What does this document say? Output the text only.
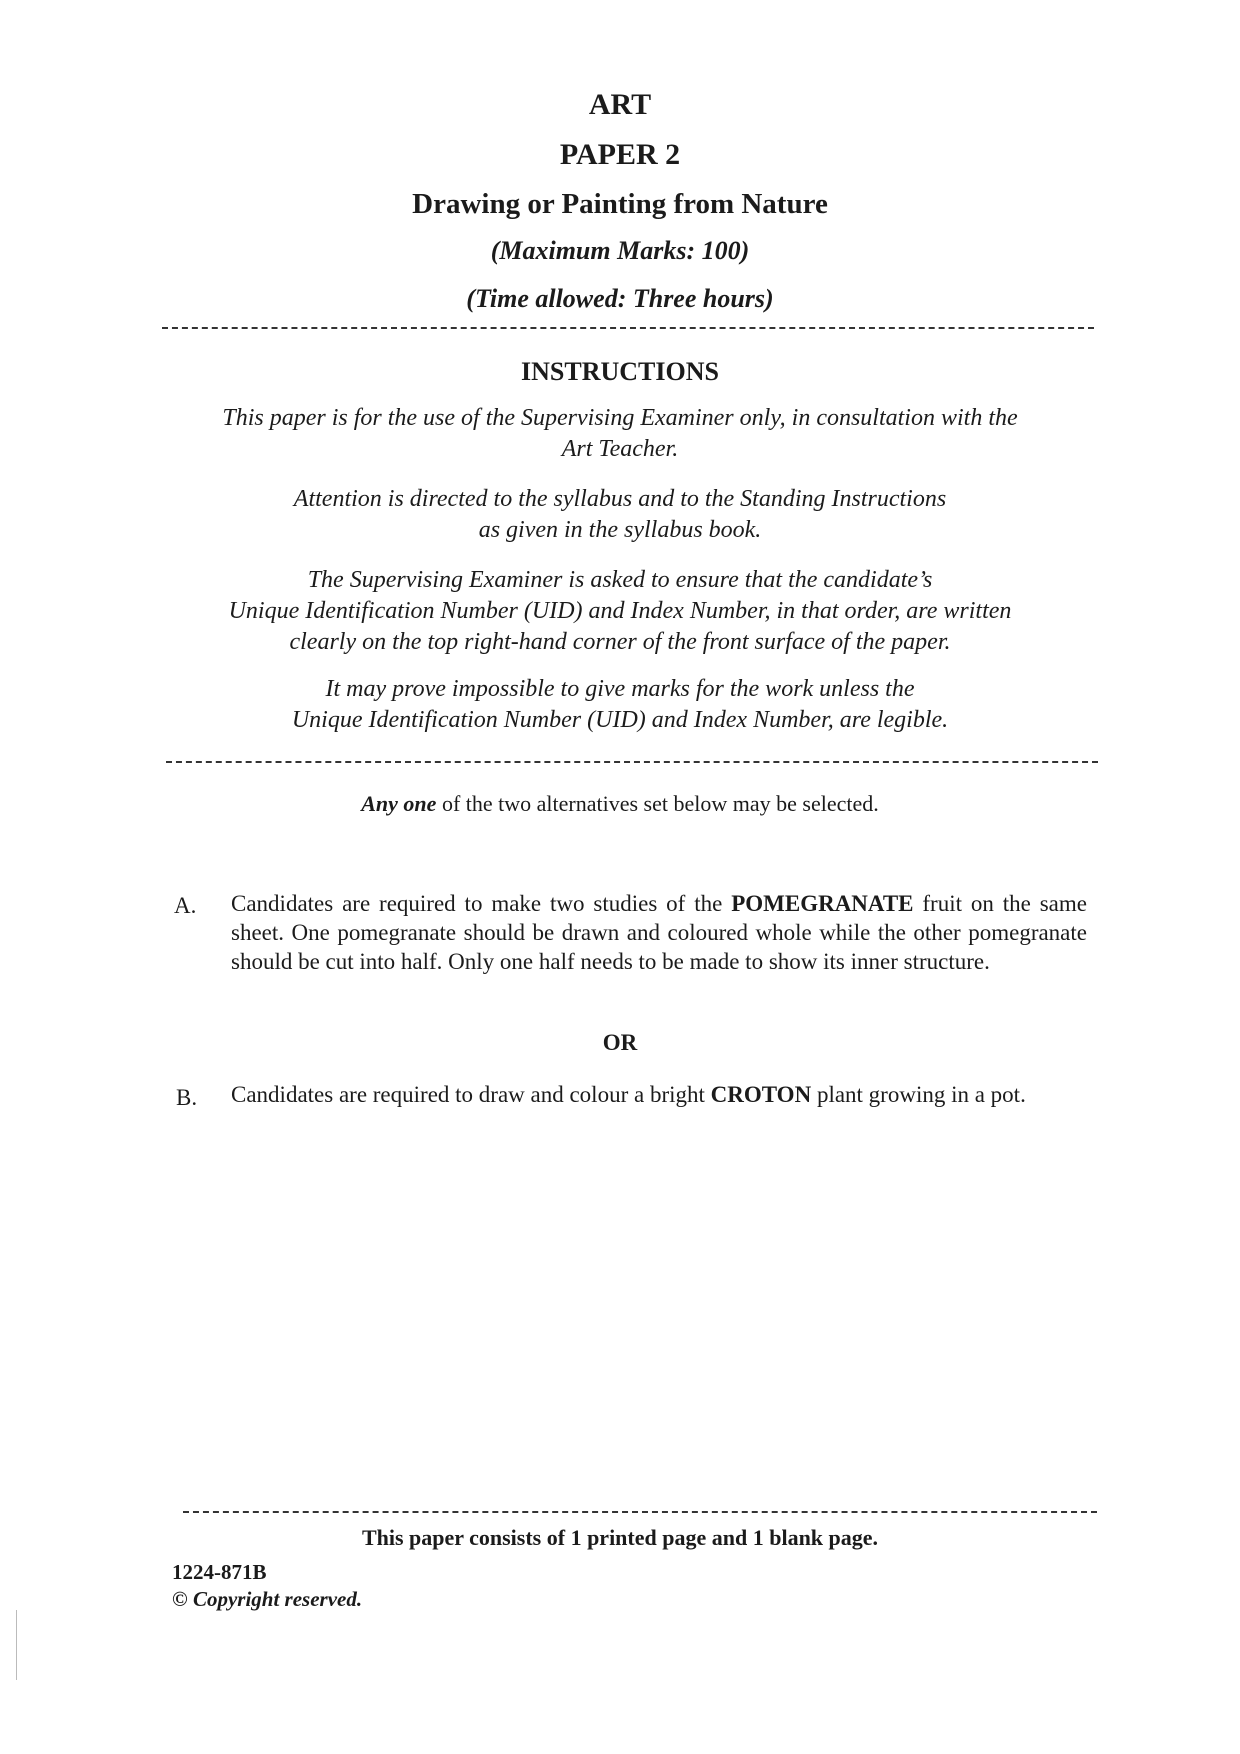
ART
PAPER 2
Drawing or Painting from Nature
(Maximum Marks: 100)
(Time allowed: Three hours)
INSTRUCTIONS
This paper is for the use of the Supervising Examiner only, in consultation with the
Art Teacher.
Attention is directed to the syllabus and to the Standing Instructions
as given in the syllabus book.
The Supervising Examiner is asked to ensure that the candidate’s
Unique Identification Number (UID) and Index Number, in that order, are written
clearly on the top right-hand corner of the front surface of the paper.
It may prove impossible to give marks for the work unless the
Unique Identification Number (UID) and Index Number, are legible.
Any one of the two alternatives set below may be selected.
A. Candidates are required to make two studies of the POMEGRANATE fruit on the same sheet. One pomegranate should be drawn and coloured whole while the other pomegranate should be cut into half. Only one half needs to be made to show its inner structure.
OR
B. Candidates are required to draw and colour a bright CROTON plant growing in a pot.
This paper consists of 1 printed page and 1 blank page.
1224-871B
© Copyright reserved.
